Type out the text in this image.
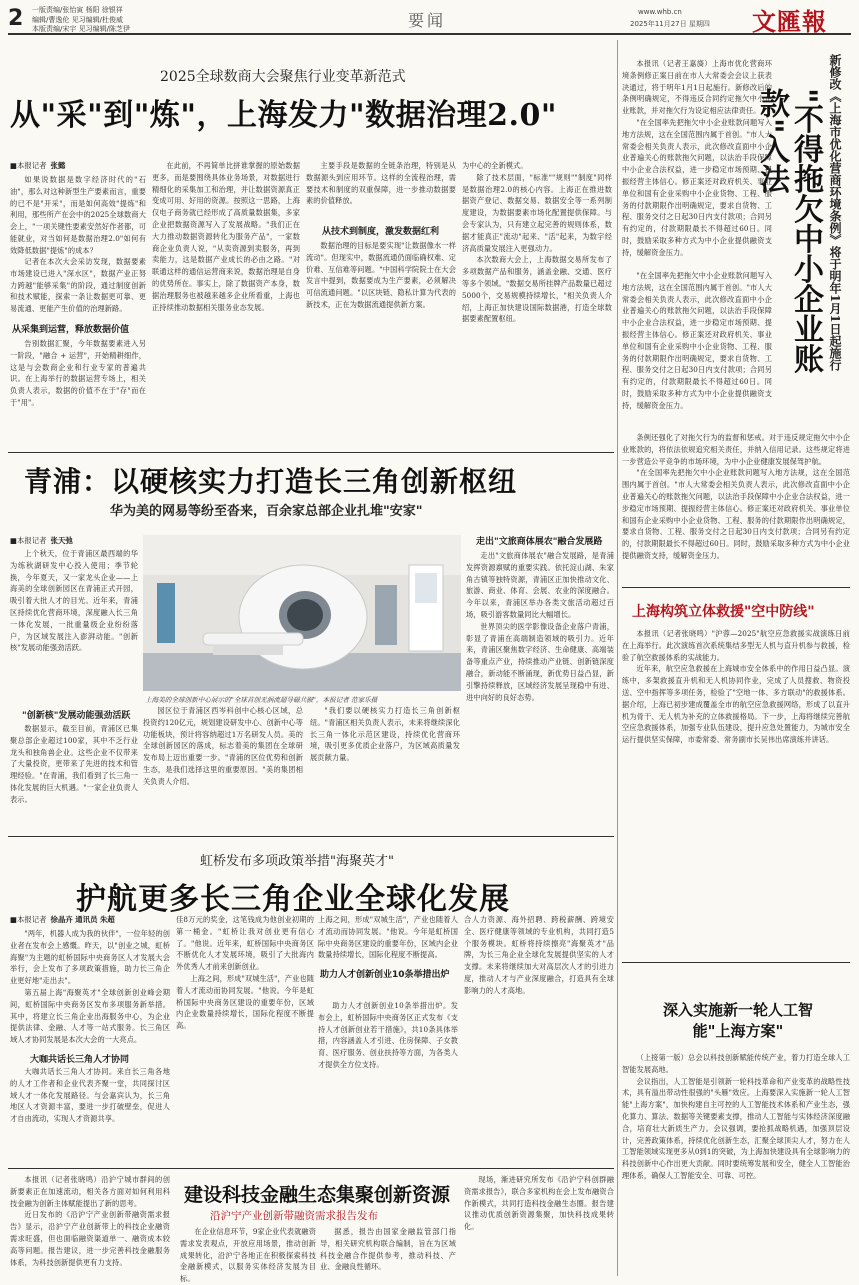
2 一版责编/张怡寅 杨阳 徐银祥
编辑/曹逸伦 见习编辑/杜俊威
本版责编/宋宇 见习编辑/陈芝伊	要闻	www.whb.cn
2025年11月27日 星期四 文匯報
2025全球数商大会聚焦行业变革新范式
从"采"到"炼"，上海发力"数据治理2.0"
■本报记者 张懿

如果说数据是数字经济时代的"石油"，那么对这种新型生产要素而言，重要的已不是"开采"，而是如何高效"提炼"和利用，那些所产在会中的2025全球数商大会上，"一项关键性要素安然好作者都，可能就业，对当如何是数据治理2.0"如何有效降低数据"提炼"的成本？

记者在本次大会采访发现，数据要素市场建设已进入"深水区"，数据产业正努力跨越"能够采集"的阶段，通过制度创新和技术赋能，探索一条让数据更可靠、更易流通、更能产生价值的治理新路。

从采集到运营，释放数据价值

告别数据汇聚，今年数据要素进入另一阶段，"融合 + 运营"，开始精耕细作，这是与会数商企业和行业专家的普遍共识。在上海举行的数据运营专场上，相关负责人表示，数据的价值不在于"存"而在于"用"。

在此前，不再简单比拼谁掌握的原始数据更多，而是要围绕具体业务场景，对数据进行精细化的采集加工和治理，并让数据资源真正变成可用、好用的资源。按照这一思路，上海仅电子商务就已经形成了高质量数据集，多家企业把数据资源写入了发展战略。"我们正在大力推动数据资源转化为服务产品"，一家数商企业负责人说，"从卖资源到卖服务，再到卖能力，这是数据产业成长的必由之路。"对联通这样的通信运营商来说，数据治理是自身的优势所在。事实上，除了数据资产本身，数据治理服务也被越来越多企业所看重，上海也正持续推动数据相关服务业态发展。

主要手段是数据的全链条治理，特别是从数据源头到应用环节。这样的全流程治理，需要技术和制度的双重保障，进一步推动数据要素的价值释放。

从技术到制度，激发数据红利

数据治理的目标是要实现"让数据像水一样流动"。但现实中，数据流通仍面临确权难、定价难、互信难等问题。"中国科学院院士在大会发言中提到，数据要成为生产要素，必须解决可信流通问题。"以区块链、隐私计算为代表的新技术，正在为数据流通提供新方案。

为中心的全新模式。

除了技术层面，"标准""规则""制度"同样是数据治理2.0的核心内容。上海正在推进数据资产登记、数据交易、数据安全等一系列制度建设，为数据要素市场化配置提供保障。与会专家认为，只有建立起完善的规则体系，数据才能真正"流动"起来、"活"起来，为数字经济高质量发展注入更强动力。

本次数商大会上，上海数据交易所发布了多项数据产品和服务，涵盖金融、交通、医疗等多个领域。"数据交易所挂牌产品数量已超过5000个，交易规模持续增长，"相关负责人介绍，上海正加快建设国际数据港，打造全球数据要素配置枢纽。

青浦：以硬核实力打造长三角创新枢纽
华为美的网易等纷至沓来，百余家总部企业扎堆"安家"
■本报记者 张天弛

上个秋天，位于青浦区最西端的华为练秋湖研发中心投入使用；季节轮换，今年夏天，又一家龙头企业——上海美的全球创新园区在青浦正式开园，吸引着大批人才的目光。近年来，青浦区持续优化营商环境，深度融入长三角一体化发展，一批重量级企业纷纷落户，为区域发展注入澎湃动能。"创新核"发展动能强劲活跃。

"创新核"发展动能强劲活跃

数据显示，截至目前，青浦区已集聚总部企业超过100家，其中不乏行业龙头和独角兽企业。这些企业不仅带来了大量投资，更带来了先进的技术和管理经验。"在青浦，我们看到了长三角一体化发展的巨大机遇。"一家企业负责人表示。

上海美的全球创新中心展示的"全球首创无涡流超导磁共振"。本报记者 范家乐摄

园区位于青浦区西岑科创中心核心区域，总投资约120亿元，规划建设研发中心、创新中心等功能板块，预计将容纳超过1万名研发人员。美的全球创新园区的落成，标志着美的集团在全球研发布局上迈出重要一步。"青浦的区位优势和创新生态，是我们选择这里的重要原因。"美的集团相关负责人介绍。

"我们要以硬核实力打造长三角创新枢纽。"青浦区相关负责人表示，未来将继续深化长三角一体化示范区建设，持续优化营商环境，吸引更多优质企业落户，为区域高质量发展贡献力量。

走出"文旅商体展农"融合发展路

走出"文旅商体展农"融合发展路，是青浦发挥资源禀赋的重要实践。依托淀山湖、朱家角古镇等独特资源，青浦区正加快推动文化、旅游、商业、体育、会展、农业的深度融合。今年以来，青浦区举办各类文旅活动超过百场，吸引游客数量同比大幅增长。

世界顶尖的医学影像设备企业落户青浦，彰显了青浦在高端制造领域的吸引力。近年来，青浦区聚焦数字经济、生命健康、高端装备等重点产业，持续推动产业链、创新链深度融合，新动能不断涌现，新优势日益凸显，新引擎持续释放，区域经济发展呈现稳中有进、进中向好的良好态势。

虹桥发布多项政策举措"海聚英才"
护航更多长三角企业全球化发展
■本报记者 徐晶卉 通讯员 朱超

"两年，机器人成为我的伙伴"，一位年轻的创业者在发布会上感慨。昨天，以"创业之城，虹桥海聚"为主题的虹桥国际中央商务区人才发展大会举行，会上发布了多项政策措施，助力长三角企业更好地"走出去"。

第五届上海"海聚英才"全球创新创业峰会期间，虹桥国际中央商务区发布多项服务新举措。其中，将建立长三角企业出海服务中心，为企业提供法律、金融、人才等一站式服务。长三角区域人才协同发展是本次大会的一大亮点。

大咖共话长三角人才协同

大咖共话长三角人才协同。来自长三角各地的人才工作者和企业代表齐聚一堂，共同探讨区域人才一体化发展路径。与会嘉宾认为，长三角地区人才资源丰富，要进一步打破壁垒，促进人才自由流动，实现人才资源共享。

佳8万元的奖金，这笔钱成为他创业初期的第一桶金。"虹桥让我对创业更有信心了。"他说。近年来，虹桥国际中央商务区不断优化人才发展环境，吸引了大批海内外优秀人才前来创新创业。

上海之间，形成"双城生活"，产业也随着人才流动而协同发展。"他说。今年是虹桥国际中央商务区建设的重要年份，区域内企业数量持续增长，国际化程度不断提高。

上海之间，形成"双城生活"，产业也随着人才流动而协同发展。"他说。今年是虹桥国际中央商务区建设的重要年份，区域内企业数量持续增长，国际化程度不断提高。

助力人才创新创业10条举措出炉

助力人才创新创业10条举措出炉。发布会上，虹桥国际中央商务区正式发布《支持人才创新创业若干措施》，共10条具体举措，内容涵盖人才引进、住房保障、子女教育、医疗服务、创业扶持等方面，为各类人才提供全方位支持。

合人力资源、海外招聘、跨税薪酬、跨境安全、医疗健康等领域的专业机构，共同打造5个服务模块。虹桥将持续擦亮"海聚英才"品牌，为长三角企业全球化发展提供坚实的人才支撑。未来将继续加大对高层次人才的引进力度，推动人才与产业深度融合，打造具有全球影响力的人才高地。

本报讯（记者张晓鸣）沿沪宁城市群间的创新要素正在加速流动，相关各方面对如何利用科技金融为创新主体赋能提出了新的思考。

近日发布的《沿沪宁产业创新带融资需求报告》显示，沿沪宁产业创新带上的科技企业融资需求旺盛，但也面临融资渠道单一、融资成本较高等问题。报告建议，进一步完善科技金融服务体系，为科技创新提供更有力支持。

建设科技金融生态集聚创新资源
沿沪宁产业创新带融资需求报告发布

在企业信息环节，9家企业代表就融资需求发表观点，开放应用场景，推动创新成果转化，沿沪宁各地正在积极探索科技金融新模式，以服务实体经济发展为目标。

据悉，报告由国家金融监管部门指导，相关研究机构联合编制，旨在为区域科技金融合作提供参考，推动科技、产业、金融良性循环。

现场，渐进研究所发布《沿沪宁科创群融资需求报告》，联合多家机构在会上发布融资合作新模式，共同打造科技金融生态圈。报告建议推动优质创新资源集聚，加快科技成果转化。

新修改《上海市优化营商环境条例》将于明年1月1日起施行
"不得拖欠中小企业账款"入法

本报讯（记者王嘉旖）上海市优化营商环境条例修正案日前在市人大常委会会议上获表决通过，将于明年1月1日起施行。新修改后的条例明确规定，不得违反合同约定拖欠中小企业账款，并对拖欠行为设定相应法律责任。

"在全国率先把拖欠中小企业账款问题写入地方法规，这在全国范围内属于首创。"市人大常委会相关负责人表示，此次修改直面中小企业普遍关心的账款拖欠问题，以法治手段保障中小企业合法权益，进一步稳定市场预期、提振经营主体信心。修正案还对政府机关、事业单位和国有企业采购中小企业货物、工程、服务的付款期限作出明确规定，要求自货物、工程、服务交付之日起30日内支付款项；合同另有约定的，付款期限最长不得超过60日。同时，鼓励采取多种方式为中小企业提供融资支持，缓解资金压力。

"在全国率先把拖欠中小企业账款问题写入地方法规，这在全国范围内属于首创。"市人大常委会相关负责人表示，此次修改直面中小企业普遍关心的账款拖欠问题，以法治手段保障中小企业合法权益，进一步稳定市场预期、提振经营主体信心。修正案还对政府机关、事业单位和国有企业采购中小企业货物、工程、服务的付款期限作出明确规定，要求自货物、工程、服务交付之日起30日内支付款项；合同另有约定的，付款期限最长不得超过60日。同时，鼓励采取多种方式为中小企业提供融资支持，缓解资金压力。

条例还强化了对拖欠行为的监督和惩戒。对于违反规定拖欠中小企业账款的，将依法依规追究相关责任，并纳入信用记录。这些规定将进一步营造公平竞争的市场环境，为中小企业健康发展保驾护航。

"在全国率先把拖欠中小企业账款问题写入地方法规，这在全国范围内属于首创。"市人大常委会相关负责人表示，此次修改直面中小企业普遍关心的账款拖欠问题，以法治手段保障中小企业合法权益，进一步稳定市场预期、提振经营主体信心。修正案还对政府机关、事业单位和国有企业采购中小企业货物、工程、服务的付款期限作出明确规定，要求自货物、工程、服务交付之日起30日内支付款项；合同另有约定的，付款期限最长不得超过60日。同时，鼓励采取多种方式为中小企业提供融资支持，缓解资金压力。

上海构筑立体救援"空中防线"

本报讯（记者张晓鸣）"沪蓉—2025"航空应急救援实战演练日前在上海举行。此次演练首次系统集结多型无人机与直升机参与救援，检验了航空救援体系的实战能力。

近年来，航空应急救援在上海城市安全体系中的作用日益凸显。演练中，多架救援直升机和无人机协同作业，完成了人员搜救、物资投送、空中指挥等多项任务，检验了"空地一体、多方联动"的救援体系。据介绍，上海已初步建成覆盖全市的航空应急救援网络，形成了以直升机为骨干、无人机为补充的立体救援格局。下一步，上海将继续完善航空应急救援体系，加强专业队伍建设，提升应急处置能力，为城市安全运行提供坚实保障，市委常委、常务副市长吴伟出席演练并讲话。

深入实施新一轮人工智能"上海方案"

（上接第一版）总会以科技创新赋能传统产业，着力打造全球人工智能发展高地。

会议指出，人工智能是引领新一轮科技革命和产业变革的战略性技术，具有溢出带动性很强的"头雁"效应。上海要深入实施新一轮人工智能"上海方案"，加快构建自主可控的人工智能技术体系和产业生态，强化算力、算法、数据等关键要素支撑，推动人工智能与实体经济深度融合，培育壮大新质生产力。会议强调，要抢抓战略机遇，加强顶层设计，完善政策体系，持续优化创新生态，汇聚全球顶尖人才，努力在人工智能领域实现更多从0到1的突破，为上海加快建设具有全球影响力的科技创新中心作出更大贡献。同时要统筹发展和安全，健全人工智能治理体系，确保人工智能安全、可靠、可控。
